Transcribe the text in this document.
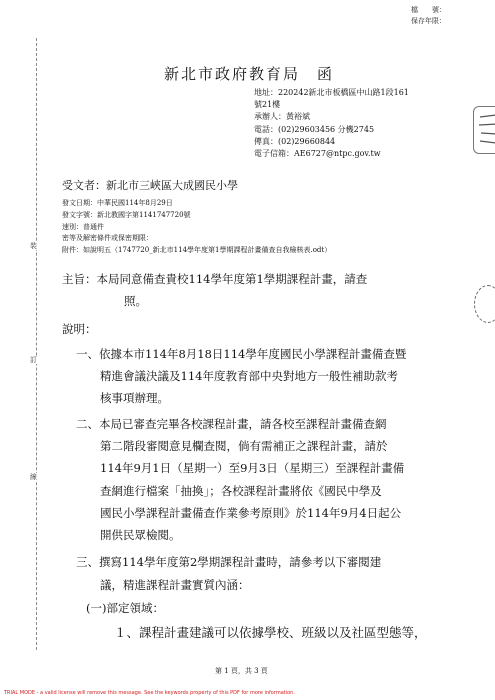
檔　　號：
保存年限：
裝
訂
線
新北市政府教育局　函
地址：220242新北市板橋區中山路1段161
號21樓
承辦人：黃裕斌
電話：(02)29603456 分機2745
傳真：(02)29660844
電子信箱：AE6727@ntpc.gov.tw
受文者：新北市三峽區大成國民小學
發文日期：中華民國114年8月29日
發文字號：新北教國字第1141747720號
速別：普通件
密等及解密條件或保密期限：
附件：如說明五（1747720_新北市114學年度第1學期課程計畫備查自我檢核表.odt）
主旨：本局同意備查貴校114學年度第1學期課程計畫，請查
照。
說明：
一、依據本市114年8月18日114學年度國民小學課程計畫備查暨
精進會議決議及114年度教育部中央對地方一般性補助款考
核事項辦理。
二、本局已審查完畢各校課程計畫，請各校至課程計畫備查網
第二階段審閱意見欄查閱，倘有需補正之課程計畫，請於
114年9月1日（星期一）至9月3日（星期三）至課程計畫備
查網進行檔案「抽換」；各校課程計畫將依《國民中學及
國民小學課程計畫備查作業參考原則》於114年9月4日起公
開供民眾檢閱。
三、撰寫114學年度第2學期課程計畫時，請參考以下審閱建
議，精進課程計畫實質內涵：
(一)部定領域：
１、課程計畫建議可以依據學校、班級以及社區型態等，
第 1 頁，共 3 頁
TRIAL MODE - a valid license will remove this message. See the keywords property of this PDF for more information.
